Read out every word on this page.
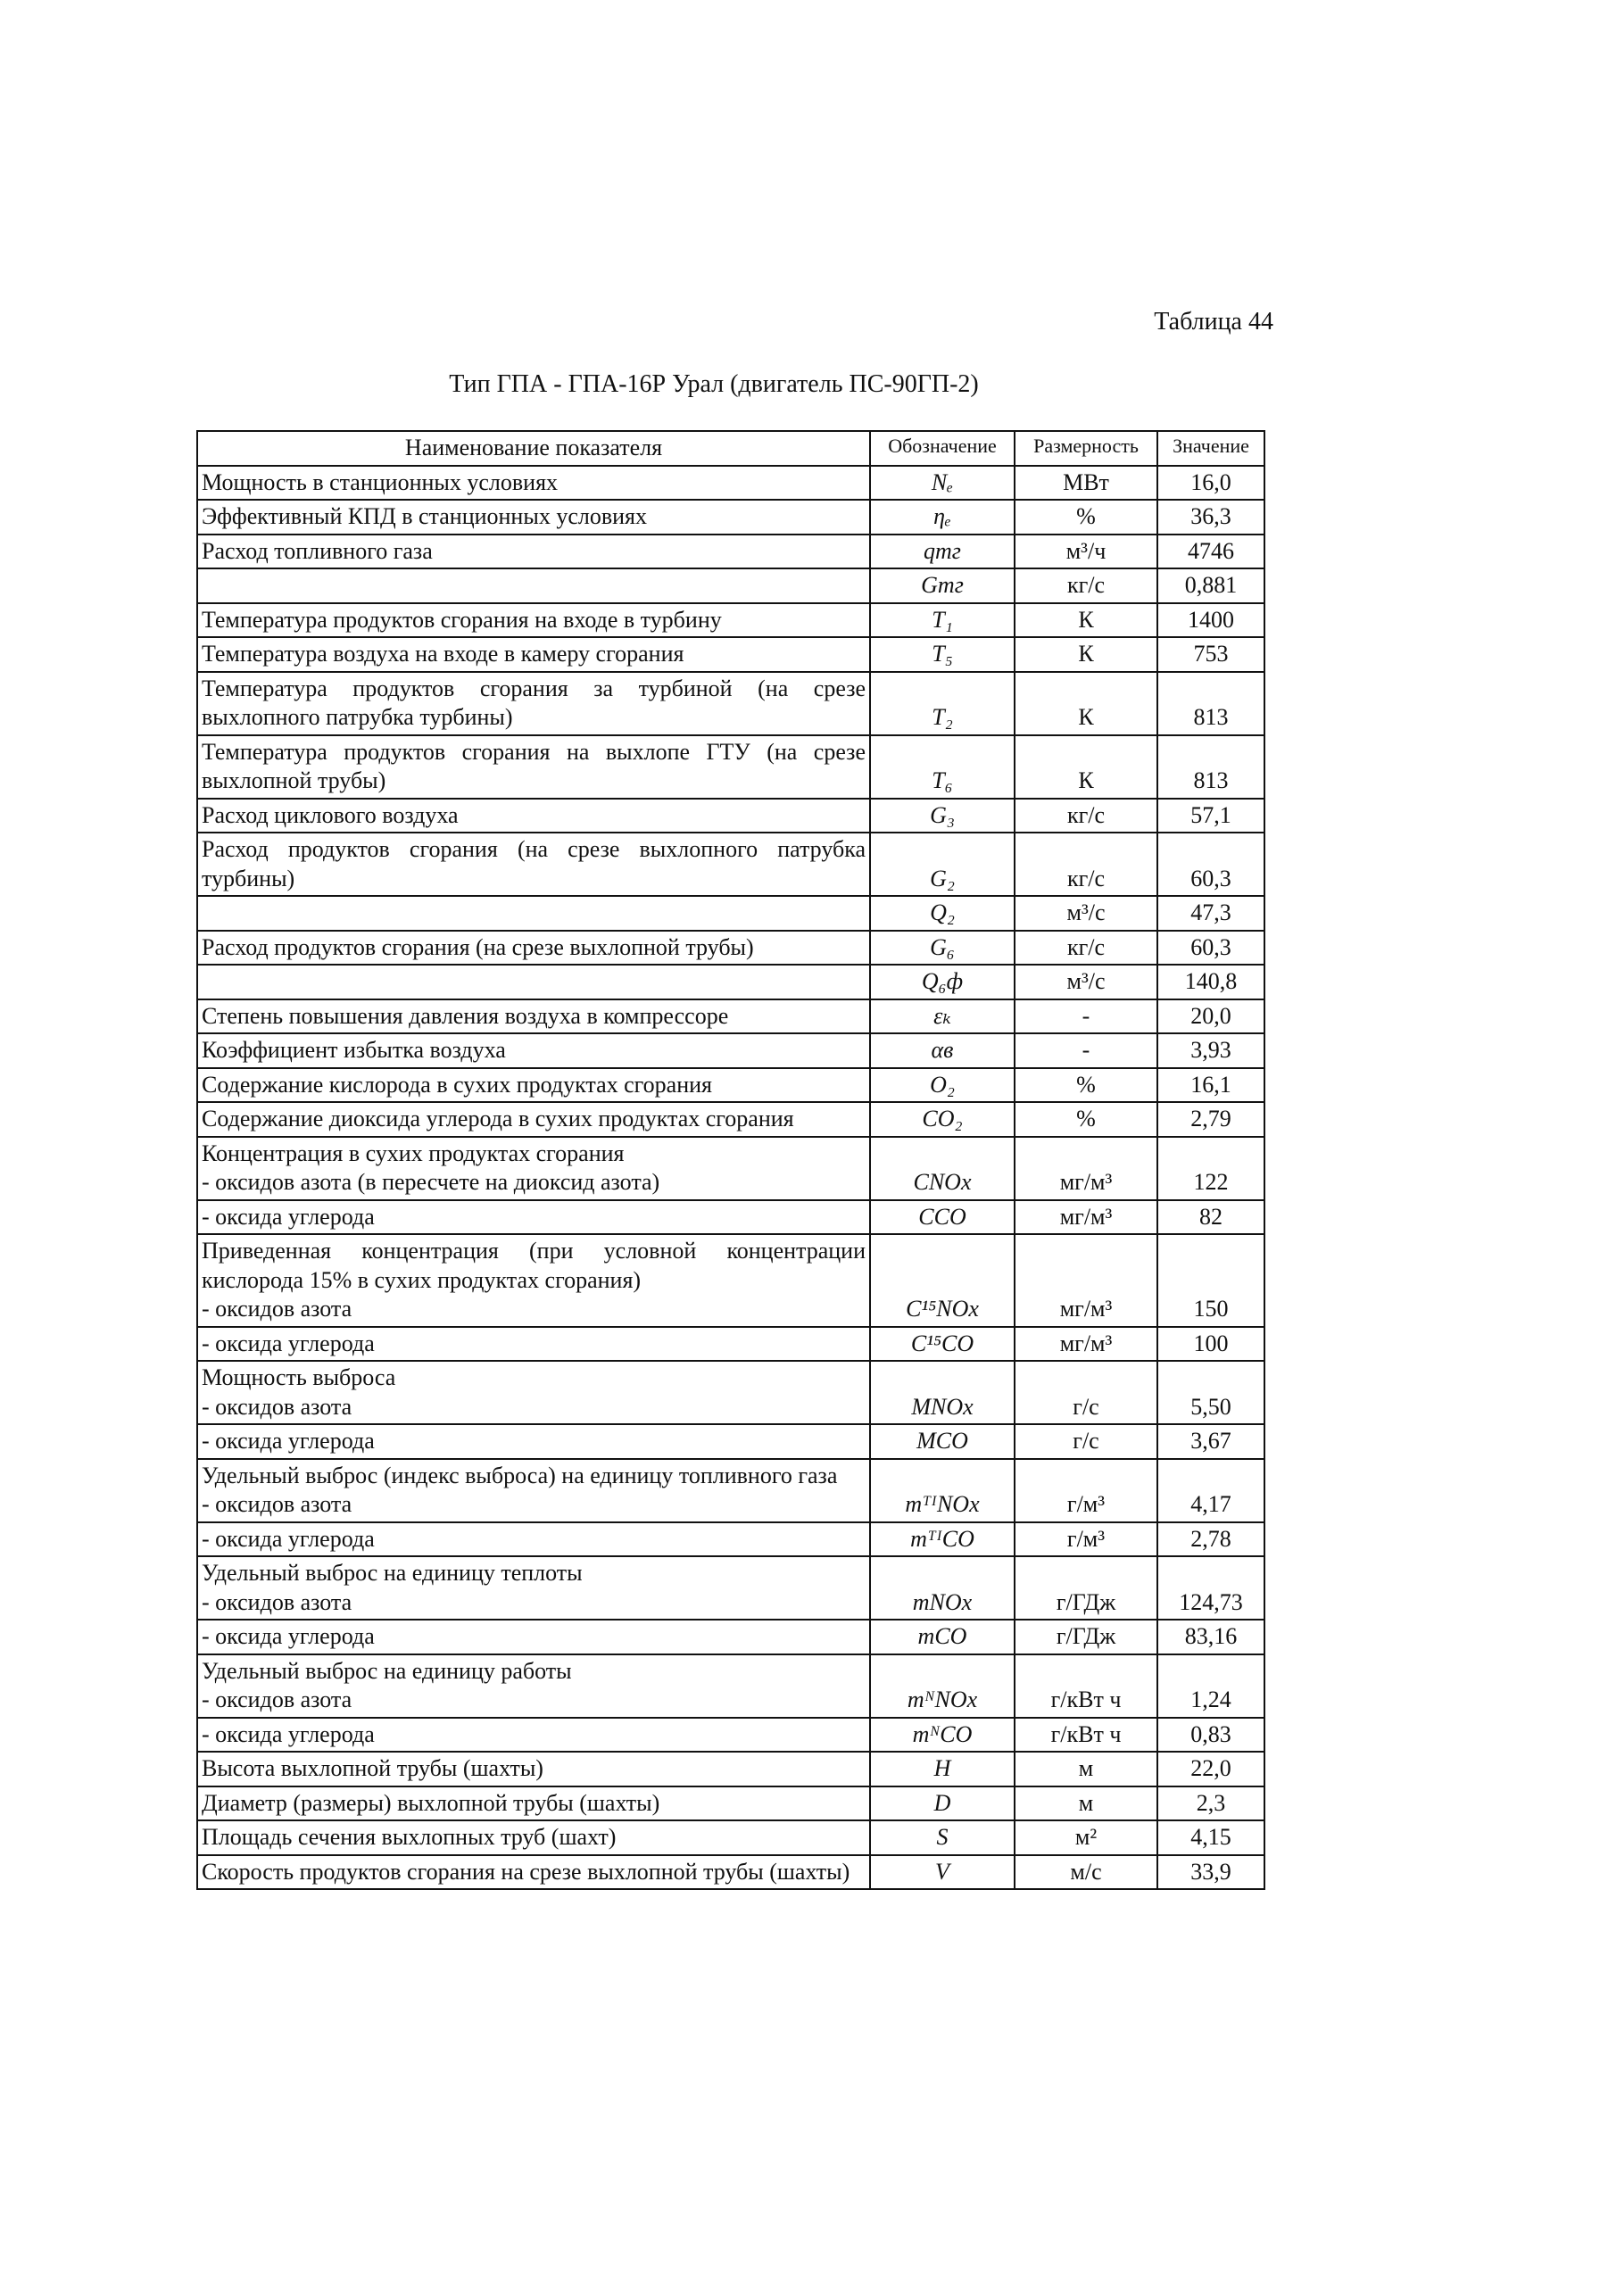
Таблица 44
Тип ГПА - ГПА-16Р Урал (двигатель ПС-90ГП-2)
Наименование показателя	Обозначение	Размерность	Значение

Мощность в станционных условиях	Nₑ	МВт	16,0

Эффективный КПД в станционных условиях	ηₑ	%	36,3

Расход топливного газа	qтг	м³/ч	4746

	Gтг	кг/с	0,881

Температура продуктов сгорания на входе в турбину	T₁	К	1400

Температура воздуха на входе в камеру сгорания	T₅	К	753

Температура продуктов сгорания за турбиной (на срезе выхлопного патрубка турбины)	T₂	К	813

Температура продуктов сгорания на выхлопе ГТУ (на срезе выхлопной трубы)	T₆	К	813

Расход циклового воздуха	G₃	кг/с	57,1

Расход продуктов сгорания (на срезе выхлопного патрубка турбины)	G₂	кг/с	60,3

	Q₂	м³/с	47,3

Расход продуктов сгорания (на срезе выхлопной трубы)	G₆	кг/с	60,3

	Q₆ф	м³/с	140,8

Степень повышения давления воздуха в компрессоре	εₖ	-	20,0

Коэффициент избытка воздуха	αв	-	3,93

Содержание кислорода в сухих продуктах сгорания	O₂	%	16,1

Содержание диоксида углерода в сухих продуктах сгорания	CO₂	%	2,79

Концентрация в сухих продуктах сгорания
- оксидов азота (в пересчете на диоксид азота)	CNOx	мг/м³	122

- оксида углерода	CCO	мг/м³	82

Приведенная концентрация (при условной концентрации кислорода 15% в сухих продуктах сгорания)
- оксидов азота	C¹⁵NOx	мг/м³	150

- оксида углерода	C¹⁵CO	мг/м³	100

Мощность выброса
- оксидов азота	MNOx	г/с	5,50

- оксида углерода	MCO	г/с	3,67

Удельный выброс (индекс выброса) на единицу топливного газа
- оксидов азота	mᵀᴵNOx	г/м³	4,17

- оксида углерода	mᵀᴵCO	г/м³	2,78

Удельный выброс на единицу теплоты
- оксидов азота	mNOx	г/ГДж	124,73

- оксида углерода	mCO	г/ГДж	83,16

Удельный выброс на единицу работы
- оксидов азота	mᴺNOx	г/кВт ч	1,24

- оксида углерода	mᴺCO	г/кВт ч	0,83

Высота выхлопной трубы (шахты)	H	м	22,0

Диаметр (размеры) выхлопной трубы (шахты)	D	м	2,3

Площадь сечения выхлопных труб (шахт)	S	м²	4,15

Скорость продуктов сгорания на срезе выхлопной трубы (шахты)	V	м/с	33,9
